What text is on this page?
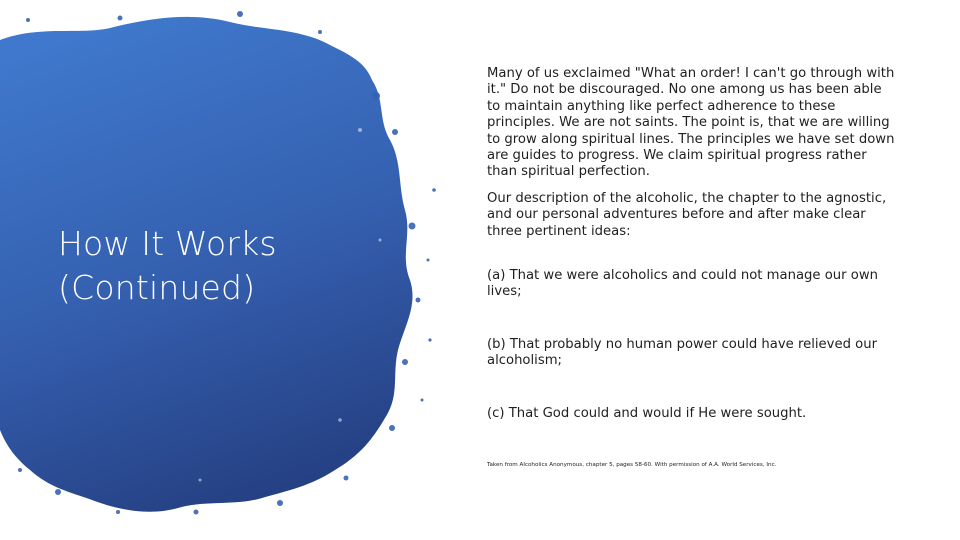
How It Works
(Continued)

Many of us exclaimed "What an order! I can't go through with it." Do not be discouraged. No one among us has been able to maintain anything like perfect adherence to these principles. We are not saints. The point is, that we are willing to grow along spiritual lines. The principles we have set down are guides to progress. We claim spiritual progress rather than spiritual perfection.

Our description of the alcoholic, the chapter to the agnostic, and our personal adventures before and after make clear three pertinent ideas:

(a) That we were alcoholics and could not manage our own lives;

(b) That probably no human power could have relieved our alcoholism;

(c) That God could and would if He were sought.

Taken from Alcoholics Anonymous, chapter 5, pages 58-60. With permission of A.A. World Services, Inc.
